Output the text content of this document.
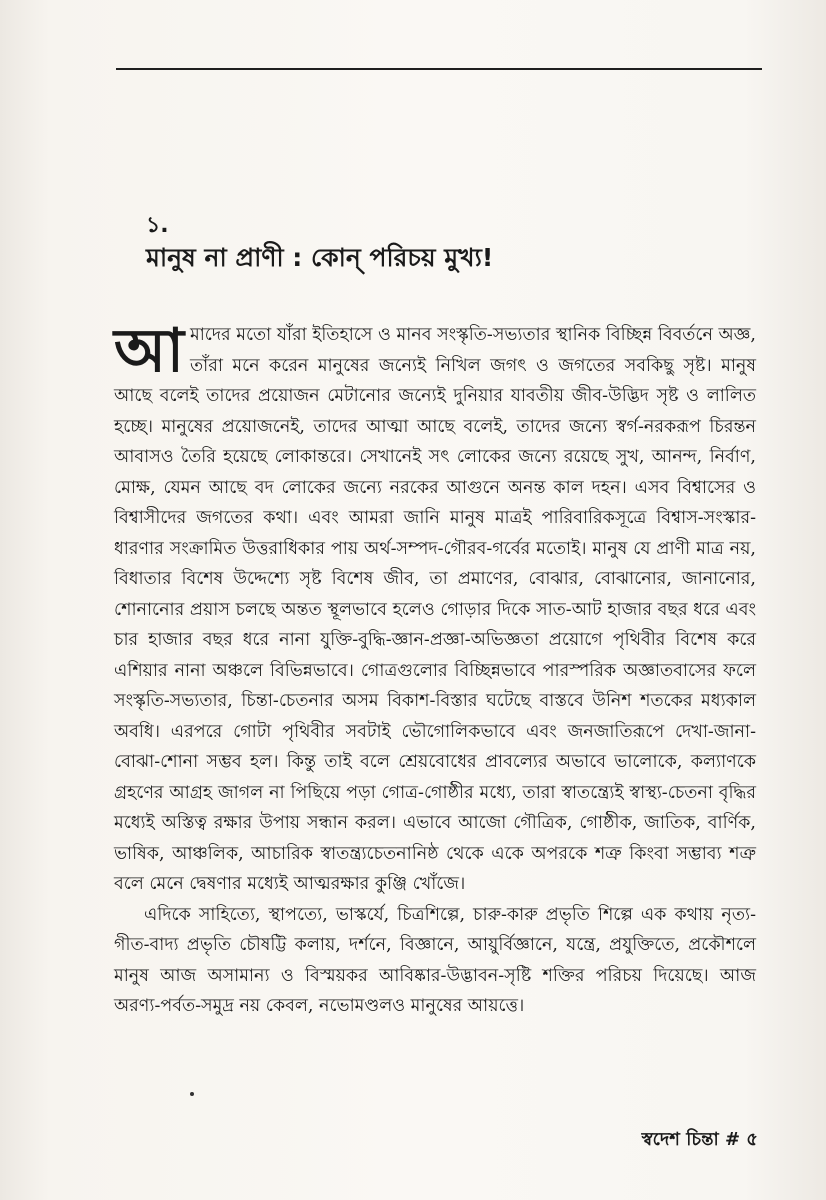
১.
মানুষ না প্রাণী : কোন্ পরিচয় মুখ্য!

আমাদের মতো যাঁরা ইতিহাসে ও মানব সংস্কৃতি-সভ্যতার স্থানিক বিচ্ছিন্ন বিবর্তনে অজ্ঞ, তাঁরা মনে করেন মানুষের জন্যেই নিখিল জগৎ ও জগতের সবকিছু সৃষ্ট। মানুষ আছে বলেই তাদের প্রয়োজন মেটানোর জন্যেই দুনিয়ার যাবতীয় জীব-উদ্ভিদ সৃষ্ট ও লালিত হচ্ছে। মানুষের প্রয়োজনেই, তাদের আত্মা আছে বলেই, তাদের জন্যে স্বর্গ-নরকরূপ চিরন্তন আবাসও তৈরি হয়েছে লোকান্তরে। সেখানেই সৎ লোকের জন্যে রয়েছে সুখ, আনন্দ, নির্বাণ, মোক্ষ, যেমন আছে বদ লোকের জন্যে নরকের আগুনে অনন্ত কাল দহন। এসব বিশ্বাসের ও বিশ্বাসীদের জগতের কথা। এবং আমরা জানি মানুষ মাত্রই পারিবারিকসূত্রে বিশ্বাস-সংস্কার-ধারণার সংক্রামিত উত্তরাধিকার পায় অর্থ-সম্পদ-গৌরব-গর্বের মতোই। মানুষ যে প্রাণী মাত্র নয়, বিধাতার বিশেষ উদ্দেশ্যে সৃষ্ট বিশেষ জীব, তা প্রমাণের, বোঝার, বোঝানোর, জানানোর, শোনানোর প্রয়াস চলছে অন্তত স্থূলভাবে হলেও গোড়ার দিকে সাত-আট হাজার বছর ধরে এবং চার হাজার বছর ধরে নানা যুক্তি-বুদ্ধি-জ্ঞান-প্রজ্ঞা-অভিজ্ঞতা প্রয়োগে পৃথিবীর বিশেষ করে এশিয়ার নানা অঞ্চলে বিভিন্নভাবে। গোত্রগুলোর বিচ্ছিন্নভাবে পারস্পরিক অজ্ঞাতবাসের ফলে সংস্কৃতি-সভ্যতার, চিন্তা-চেতনার অসম বিকাশ-বিস্তার ঘটেছে বাস্তবে উনিশ শতকের মধ্যকাল অবধি। এরপরে গোটা পৃথিবীর সবটাই ভৌগোলিকভাবে এবং জনজাতিরূপে দেখা-জানা-বোঝা-শোনা সম্ভব হল। কিন্তু তাই বলে শ্রেয়বোধের প্রাবল্যের অভাবে ভালোকে, কল্যাণকে গ্রহণের আগ্রহ জাগল না পিছিয়ে পড়া গোত্র-গোষ্ঠীর মধ্যে, তারা স্বাতন্ত্র্যেই স্বাস্থ্য-চেতনা বৃদ্ধির মধ্যেই অস্তিত্ব রক্ষার উপায় সন্ধান করল। এভাবে আজো গৌত্রিক, গোষ্ঠীক, জাতিক, বার্ণিক, ভাষিক, আঞ্চলিক, আচারিক স্বাতন্ত্র্যচেতনানিষ্ঠ থেকে একে অপরকে শত্রু কিংবা সম্ভাব্য শত্রু বলে মেনে দ্বেষণার মধ্যেই আত্মরক্ষার কুঞ্জি খোঁজে।

এদিকে সাহিত্যে, স্থাপত্যে, ভাস্কর্যে, চিত্রশিল্পে, চারু-কারু প্রভৃতি শিল্পে এক কথায় নৃত্য-গীত-বাদ্য প্রভৃতি চৌষট্টি কলায়, দর্শনে, বিজ্ঞানে, আয়ুর্বিজ্ঞানে, যন্ত্রে, প্রযুক্তিতে, প্রকৌশলে মানুষ আজ অসামান্য ও বিস্ময়কর আবিষ্কার-উদ্ভাবন-সৃষ্টি শক্তির পরিচয় দিয়েছে। আজ অরণ্য-পর্বত-সমুদ্র নয় কেবল, নভোমণ্ডলও মানুষের আয়ত্তে।

স্বদেশ চিন্তা # ৫
